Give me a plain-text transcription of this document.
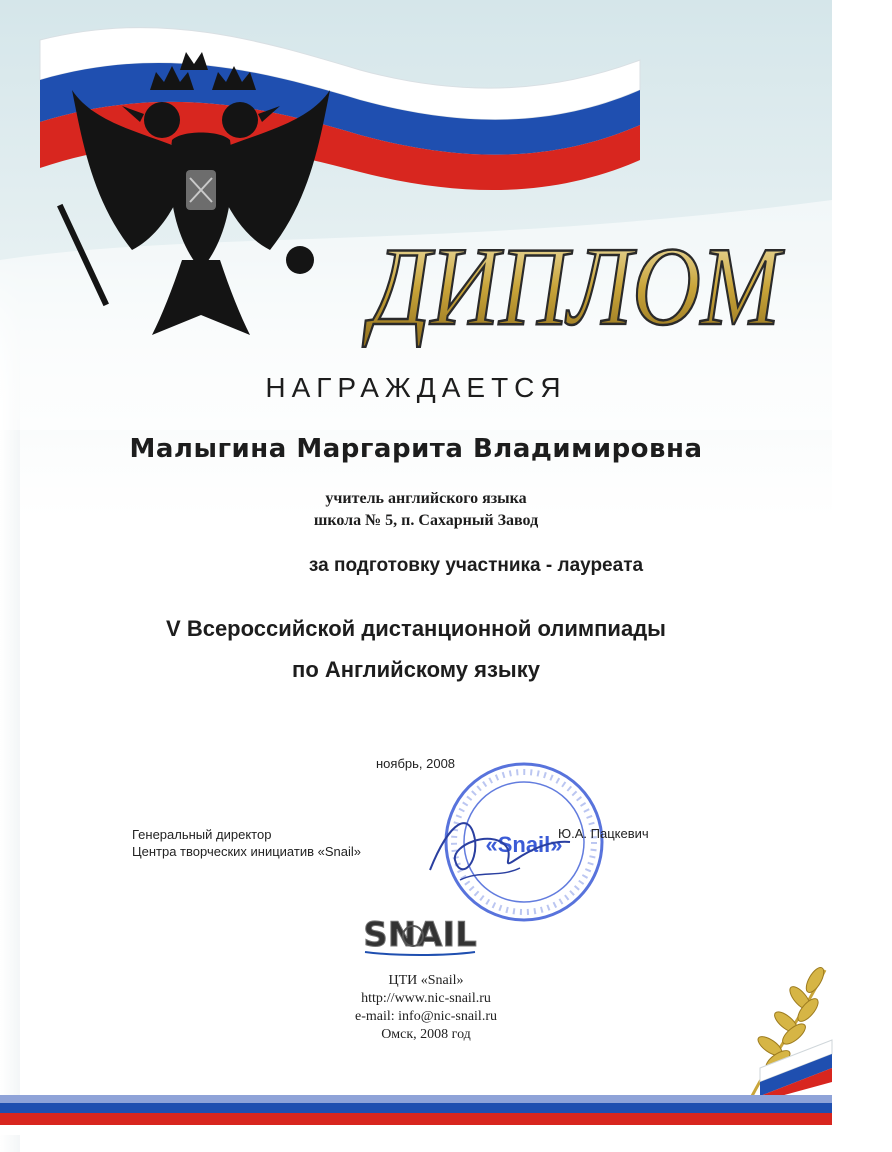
ДИПЛОМ
НАГРАЖДАЕТСЯ
Малыгина Маргарита Владимировна
учитель английского языка
школа № 5, п. Сахарный Завод
за подготовку участника - лауреата
V Всероссийской дистанционной олимпиады
по Английскому языку
ноябрь, 2008
Генеральный директор
Центра творческих инициатив «Snail»	«Snail»
Ю.А. Пацкевич
SNAIL
ЦТИ «Snail»
http://www.nic-snail.ru
e-mail: info@nic-snail.ru
Омск, 2008 год
